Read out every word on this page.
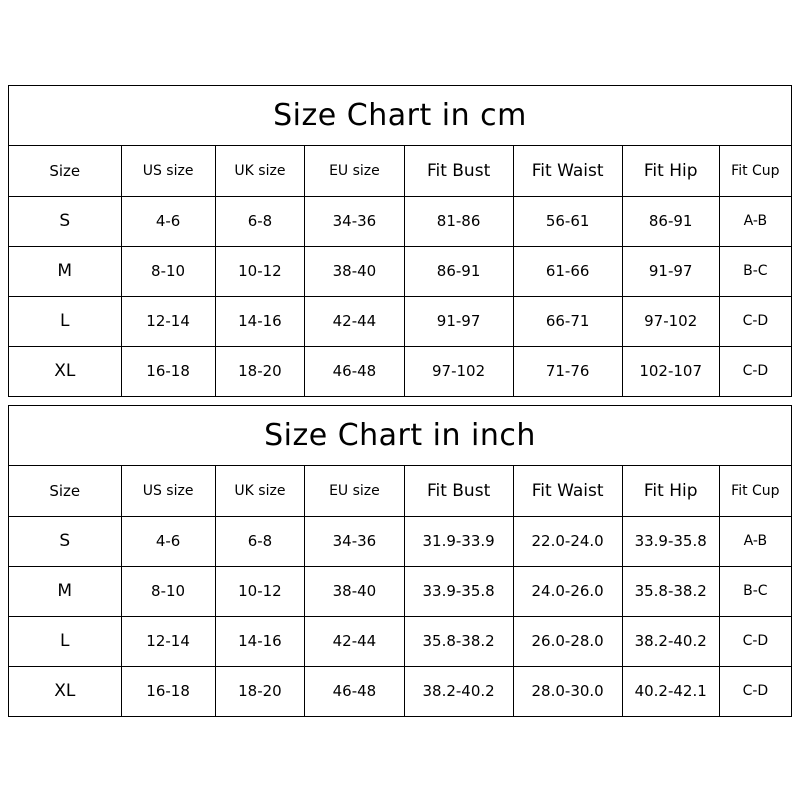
Size Chart in cm
Size	US size	UK size	EU size	Fit Bust	Fit Waist	Fit Hip	Fit Cup
S	4-6	6-8	34-36	81-86	56-61	86-91	A-B
M	8-10	10-12	38-40	86-91	61-66	91-97	B-C
L	12-14	14-16	42-44	91-97	66-71	97-102	C-D
XL	16-18	18-20	46-48	97-102	71-76	102-107	C-D
Size Chart in inch
Size	US size	UK size	EU size	Fit Bust	Fit Waist	Fit Hip	Fit Cup
S	4-6	6-8	34-36	31.9-33.9	22.0-24.0	33.9-35.8	A-B
M	8-10	10-12	38-40	33.9-35.8	24.0-26.0	35.8-38.2	B-C
L	12-14	14-16	42-44	35.8-38.2	26.0-28.0	38.2-40.2	C-D
XL	16-18	18-20	46-48	38.2-40.2	28.0-30.0	40.2-42.1	C-D
